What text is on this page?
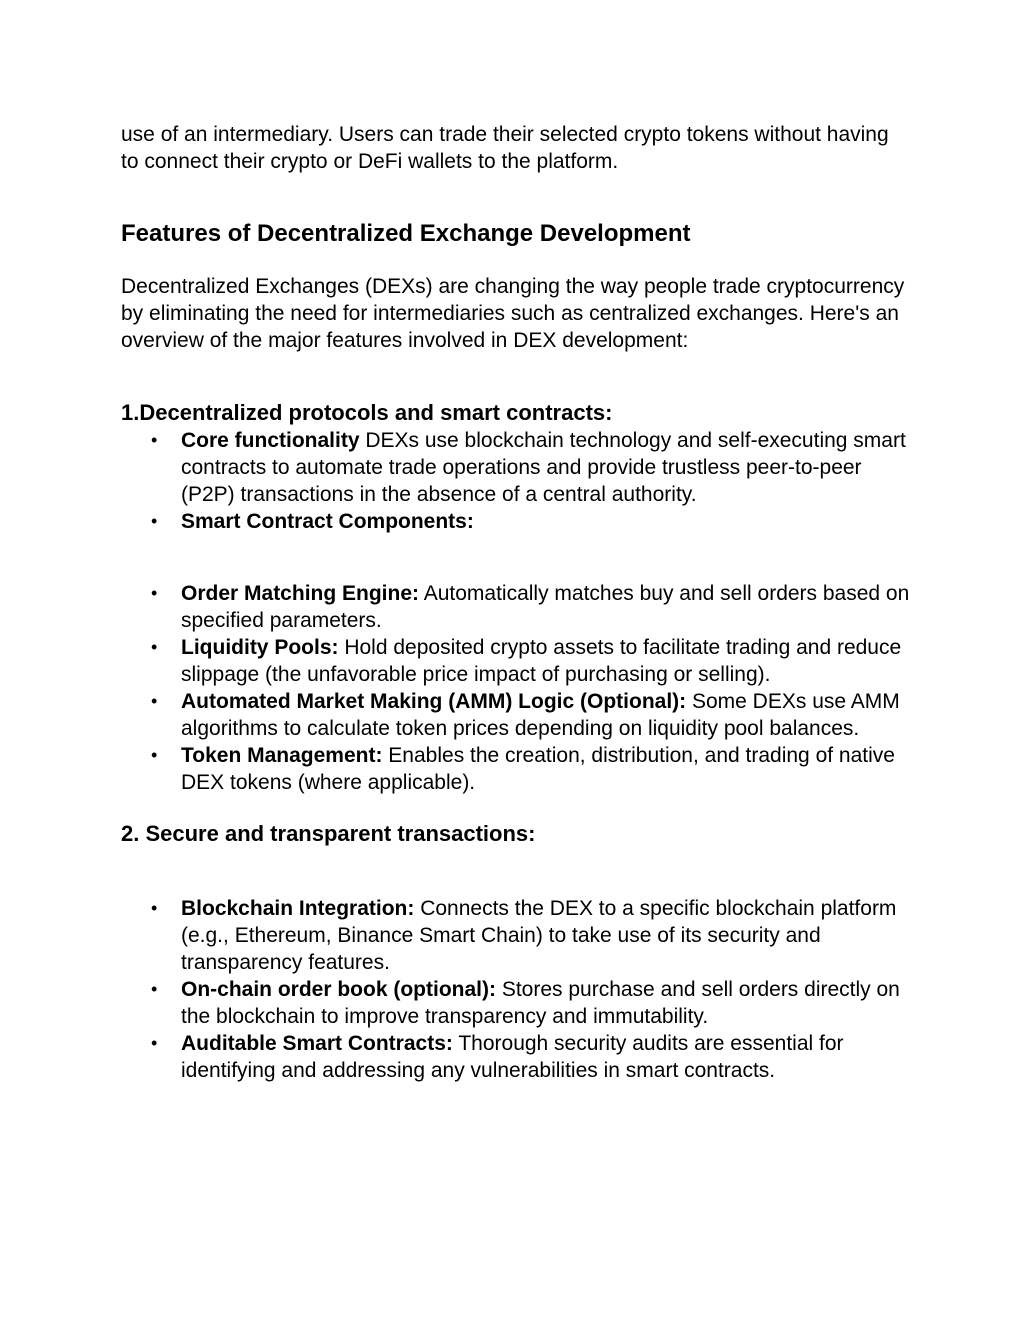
use of an intermediary. Users can trade their selected crypto tokens without having to connect their crypto or DeFi wallets to the platform.

Features of Decentralized Exchange Development

Decentralized Exchanges (DEXs) are changing the way people trade cryptocurrency by eliminating the need for intermediaries such as centralized exchanges. Here's an overview of the major features involved in DEX development:

1.Decentralized protocols and smart contracts:
• Core functionality DEXs use blockchain technology and self-executing smart contracts to automate trade operations and provide trustless peer-to-peer (P2P) transactions in the absence of a central authority.
• Smart Contract Components:
• Order Matching Engine: Automatically matches buy and sell orders based on specified parameters.
• Liquidity Pools: Hold deposited crypto assets to facilitate trading and reduce slippage (the unfavorable price impact of purchasing or selling).
• Automated Market Making (AMM) Logic (Optional): Some DEXs use AMM algorithms to calculate token prices depending on liquidity pool balances.
• Token Management: Enables the creation, distribution, and trading of native DEX tokens (where applicable).
2. Secure and transparent transactions:
• Blockchain Integration: Connects the DEX to a specific blockchain platform (e.g., Ethereum, Binance Smart Chain) to take use of its security and transparency features.
• On-chain order book (optional): Stores purchase and sell orders directly on the blockchain to improve transparency and immutability.
• Auditable Smart Contracts: Thorough security audits are essential for identifying and addressing any vulnerabilities in smart contracts.
